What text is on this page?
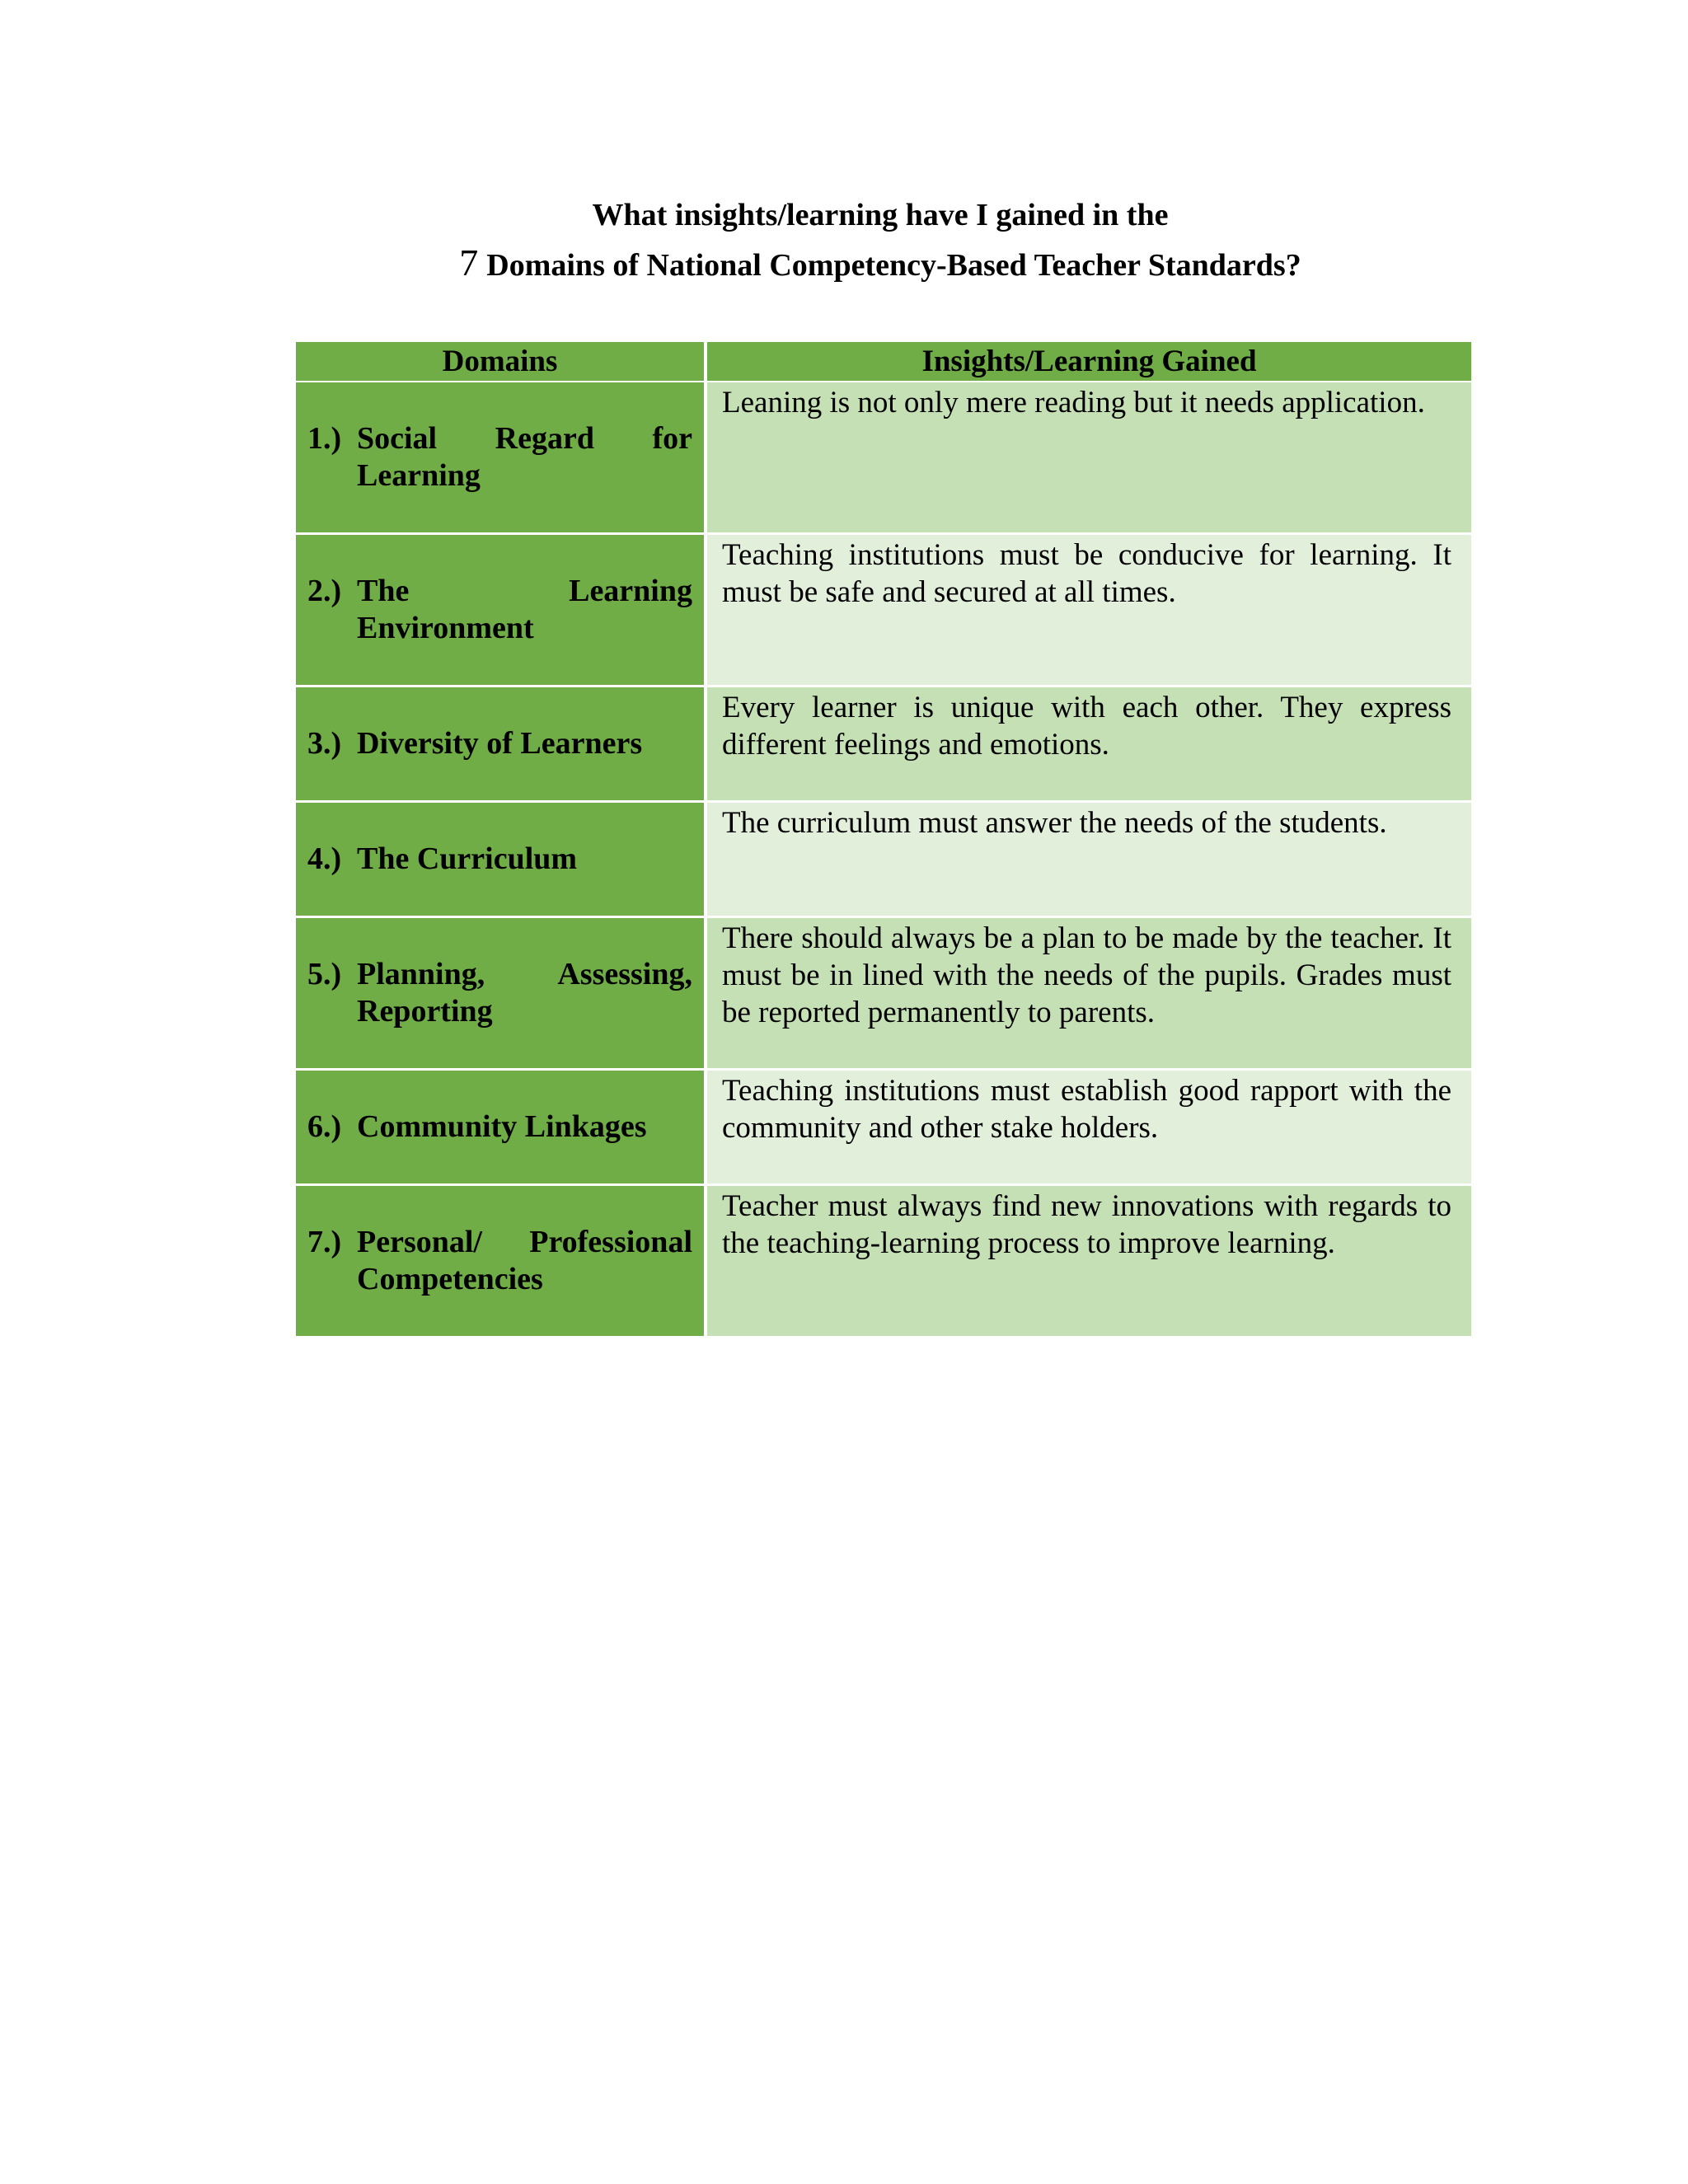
What insights/learning have I gained in the
7 Domains of National Competency-Based Teacher Standards?
Domains	Insights/Learning Gained

1.) Social Regard for Learning	Leaning is not only mere reading but it needs application.

2.) The Learning Environment	Teaching institutions must be conducive for learning. It must be safe and secured at all times.

3.) Diversity of Learners	Every learner is unique with each other. They express different feelings and emotions.

4.) The Curriculum	The curriculum must answer the needs of the students.

5.) Planning, Assessing, Reporting	There should always be a plan to be made by the teacher. It must be in lined with the needs of the pupils. Grades must be reported permanently to parents.

6.) Community Linkages	Teaching institutions must establish good rapport with the community and other stake holders.

7.) Personal/ Professional Competencies	Teacher must always find new innovations with regards to the teaching-learning process to improve learning.
